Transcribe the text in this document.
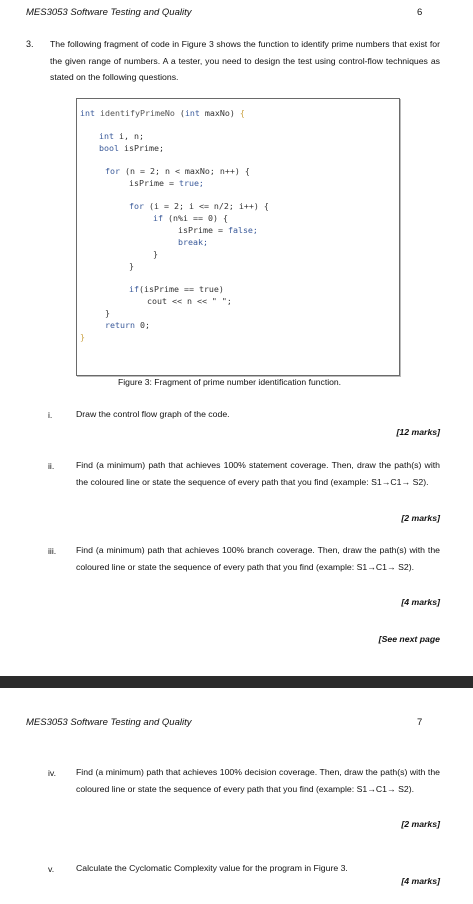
MES3053 Software Testing and Quality	6
3. The following fragment of code in Figure 3 shows the function to identify prime numbers that exist for the given range of numbers. A a tester, you need to design the test using control-flow techniques as stated on the following questions.
int identifyPrimeNo (int maxNo) {
int i, n;
bool isPrime;
for (n = 2; n < maxNo; n++) {
isPrime = true;
for (i = 2; i <= n/2; i++) {
if (n%i == 0) {
isPrime = false;
break;
}
}
if(isPrime == true)
cout << n << " ";
}
return 0;
}
Figure 3: Fragment of prime number identification function.
i.	Draw the control flow graph of the code.
[12 marks]
ii. Find (a minimum) path that achieves 100% statement coverage. Then, draw the path(s) with the coloured line or state the sequence of every path that you find (example: S1→C1→ S2).
[2 marks]
iii. Find (a minimum) path that achieves 100% branch coverage. Then, draw the path(s) with the coloured line or state the sequence of every path that you find (example: S1→C1→ S2).
[4 marks]
[See next page
MES3053 Software Testing and Quality	7
iv. Find (a minimum) path that achieves 100% decision coverage. Then, draw the path(s) with the coloured line or state the sequence of every path that you find (example: S1→C1→ S2).
[2 marks]
v.	Calculate the Cyclomatic Complexity value for the program in Figure 3.
[4 marks]
